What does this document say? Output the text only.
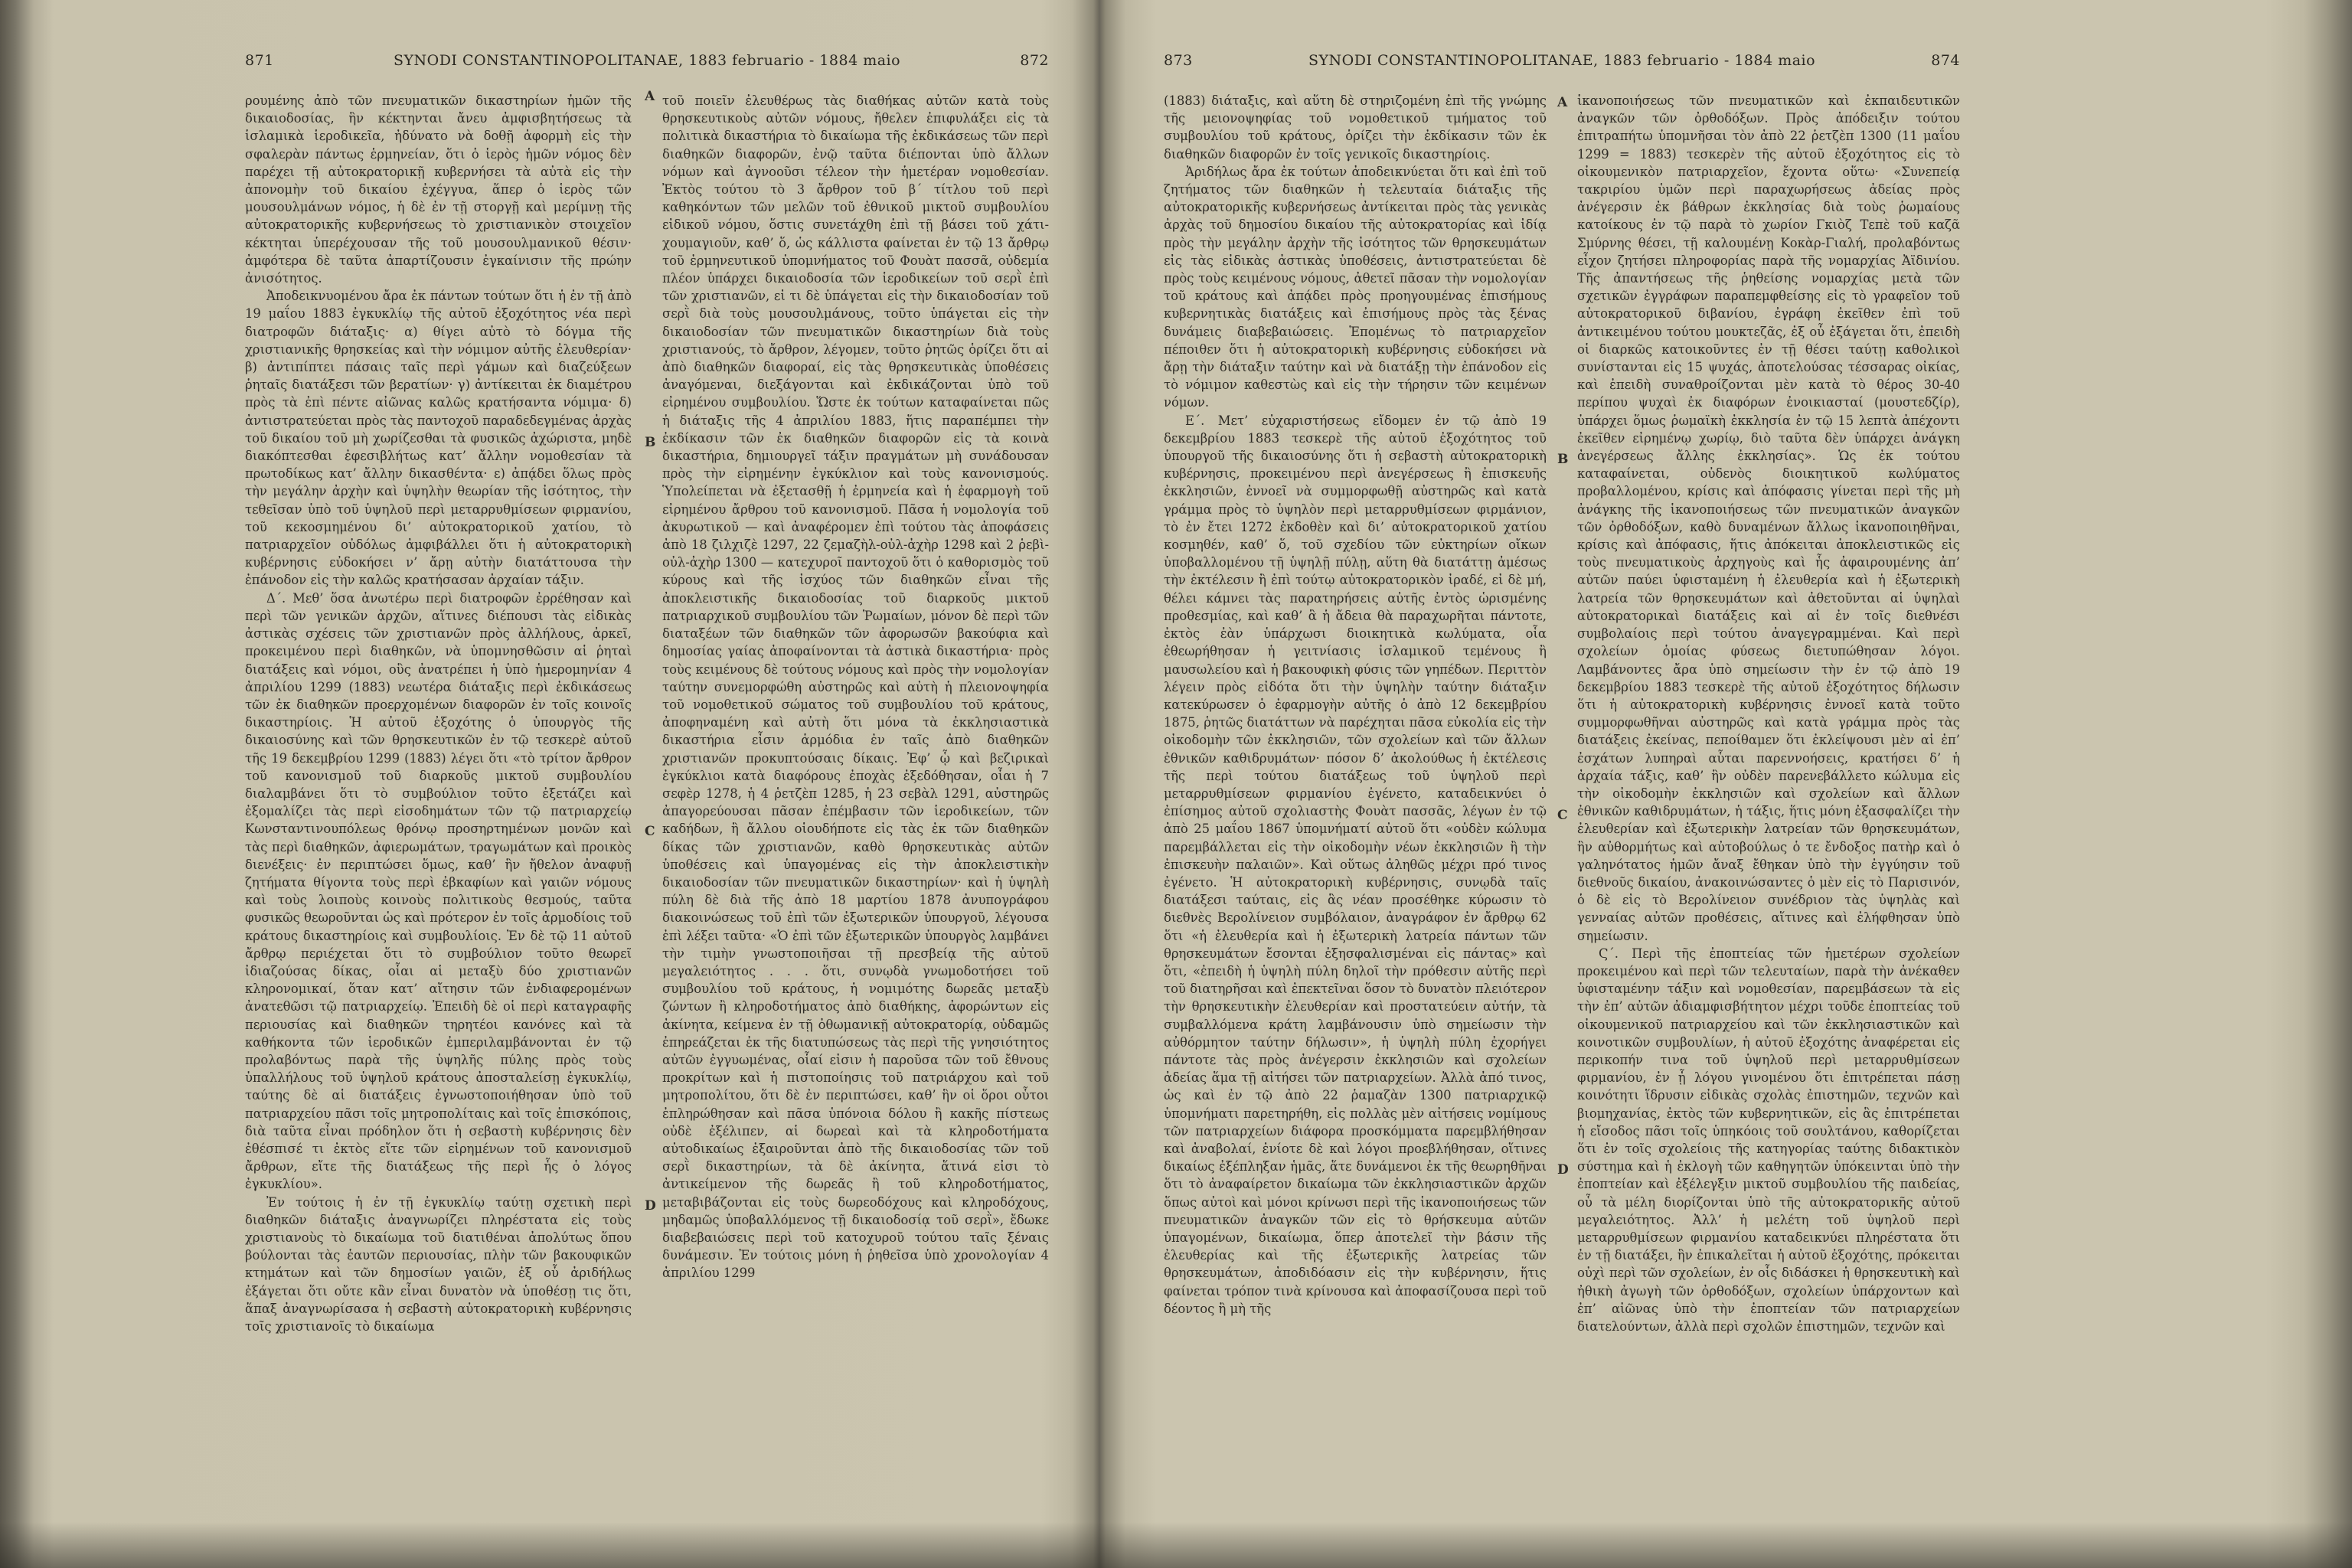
871	SYNODI CONSTANTINOPOLITANAE, 1883 februario - 1884 maio	872

ρουμένης ἀπὸ τῶν πνευματικῶν δικαστηρίων ἡμῶν τῆς δικαιοδοσίας, ἣν κέκτηνται ἄνευ ἀμφισβητήσεως τὰ ἱσλαμικὰ ἱεροδικεῖα, ἠδύνατο νὰ δοθῇ ἀφορμὴ εἰς τὴν σφαλερὰν πάντως ἑρμηνείαν, ὅτι ὁ ἱερὸς ἡμῶν νόμος δὲν παρέχει τῇ αὐτοκρατορικῇ κυβερνήσει τὰ αὐτὰ εἰς τὴν ἀπονομὴν τοῦ δικαίου ἐχέγγυα, ἅπερ ὁ ἱερὸς τῶν μουσουλμάνων νόμος, ἡ δὲ ἐν τῇ στοργῇ καὶ μερίμνῃ τῆς αὐτοκρατορικῆς κυβερνήσεως τὸ χριστιανικὸν στοιχεῖον κέκτηται ὑπερέχουσαν τῆς τοῦ μουσουλμανικοῦ θέσιν· ἀμφότερα δὲ ταῦτα ἀπαρτίζουσιν ἐγκαίνισιν τῆς πρώην ἀνισότητος.

Ἀποδεικνυομένου ἄρα ἐκ πάντων τούτων ὅτι ἡ ἐν τῇ ἀπὸ 19 μαΐου 1883 ἐγκυκλίῳ τῆς αὐτοῦ ἐξοχότητος νέα περὶ διατροφῶν διάταξις· α) θίγει αὐτὸ τὸ δόγμα τῆς χριστιανικῆς θρησκείας καὶ τὴν νόμιμον αὐτῆς ἐλευθερίαν· β) ἀντιπίπτει πάσαις ταῖς περὶ γάμων καὶ διαζεύξεων ῥηταῖς διατάξεσι τῶν βερατίων· γ) ἀντίκειται ἐκ διαμέτρου πρὸς τὰ ἐπὶ πέντε αἰῶνας καλῶς κρατήσαντα νόμιμα· δ) ἀντιστρατεύεται πρὸς τὰς παντοχοῦ παραδεδεγμένας ἀρχὰς τοῦ δικαίου τοῦ μὴ χωρίζεσθαι τὰ φυσικῶς ἀχώριστα, μηδὲ διακόπτεσθαι ἐφεσιβλήτως κατ’ ἄλλην νομοθεσίαν τὰ πρωτοδίκως κατ’ ἄλλην δικασθέντα· ε) ἀπᾴδει ὅλως πρὸς τὴν μεγάλην ἀρχὴν καὶ ὑψηλὴν θεωρίαν τῆς ἰσότητος, τὴν τεθεῖσαν ὑπὸ τοῦ ὑψηλοῦ περὶ μεταρρυθμίσεων φιρμανίου, τοῦ κεκοσμημένου δι’ αὐτοκρατορικοῦ χατίου, τὸ πατριαρχεῖον οὐδόλως ἀμφιβάλλει ὅτι ἡ αὐτοκρατορικὴ κυβέρνησις εὐδοκήσει ν’ ἄρῃ αὐτὴν διατάττουσα τὴν ἐπάνοδον εἰς τὴν καλῶς κρατήσασαν ἀρχαίαν τάξιν.

Δ΄. Μεθ’ ὅσα ἀνωτέρω περὶ διατροφῶν ἐρρέθησαν καὶ περὶ τῶν γενικῶν ἀρχῶν, αἵτινες διέπουσι τὰς εἰδικὰς ἀστικὰς σχέσεις τῶν χριστιανῶν πρὸς ἀλλήλους, ἀρκεῖ, προκειμένου περὶ διαθηκῶν, νὰ ὑπομνησθῶσιν αἱ ῥηταὶ διατάξεις καὶ νόμοι, οὓς ἀνατρέπει ἡ ὑπὸ ἡμερομηνίαν 4 ἀπριλίου 1299 (1883) νεωτέρα διάταξις περὶ ἐκδικάσεως τῶν ἐκ διαθηκῶν προερχομένων διαφορῶν ἐν τοῖς κοινοῖς δικαστηρίοις. Ἡ αὐτοῦ ἐξοχότης ὁ ὑπουργὸς τῆς δικαιοσύνης καὶ τῶν θρησκευτικῶν ἐν τῷ τεσκερὲ αὐτοῦ τῆς 19 δεκεμβρίου 1299 (1883) λέγει ὅτι «τὸ τρίτον ἄρθρον τοῦ κανονισμοῦ τοῦ διαρκοῦς μικτοῦ συμβουλίου διαλαμβάνει ὅτι τὸ συμβούλιον τοῦτο ἐξετάζει καὶ ἐξομαλίζει τὰς περὶ εἰσοδημάτων τῶν τῷ πατριαρχείῳ Κωνσταντινουπόλεως θρόνῳ προσηρτημένων μονῶν καὶ τὰς περὶ διαθηκῶν, ἀφιερωμάτων, τραγωμάτων καὶ προικὸς διενέξεις· ἐν περιπτώσει ὅμως, καθ’ ἣν ἤθελον ἀναφυῇ ζητήματα θίγοντα τοὺς περὶ ἐβκαφίων καὶ γαιῶν νόμους καὶ τοὺς λοιποὺς κοινοὺς πολιτικοὺς θεσμούς, ταῦτα φυσικῶς θεωροῦνται ὡς καὶ πρότερον ἐν τοῖς ἁρμοδίοις τοῦ κράτους δικαστηρίοις καὶ συμβουλίοις. Ἐν δὲ τῷ 11 αὐτοῦ ἄρθρῳ περιέχεται ὅτι τὸ συμβούλιον τοῦτο θεωρεῖ ἰδιαζούσας δίκας, οἷαι αἱ μεταξὺ δύο χριστιανῶν κληρονομικαί, ὅταν κατ’ αἴτησιν τῶν ἐνδιαφερομένων ἀνατεθῶσι τῷ πατριαρχείῳ. Ἐπειδὴ δὲ οἱ περὶ καταγραφῆς περιουσίας καὶ διαθηκῶν τηρητέοι κανόνες καὶ τὰ καθήκοντα τῶν ἱεροδικῶν ἐμπεριλαμβάνονται ἐν τῷ προλαβόντως παρὰ τῆς ὑψηλῆς πύλης πρὸς τοὺς ὑπαλλήλους τοῦ ὑψηλοῦ κράτους ἀποσταλείσῃ ἐγκυκλίῳ, ταύτης δὲ αἱ διατάξεις ἐγνωστοποιήθησαν ὑπὸ τοῦ πατριαρχείου πᾶσι τοῖς μητροπολίταις καὶ τοῖς ἐπισκόποις, διὰ ταῦτα εἶναι πρόδηλον ὅτι ἡ σεβαστὴ κυβέρνησις δὲν ἐθέσπισέ τι ἐκτὸς εἴτε τῶν εἰρημένων τοῦ κανονισμοῦ ἄρθρων, εἴτε τῆς διατάξεως τῆς περὶ ἧς ὁ λόγος ἐγκυκλίου».

Ἐν τούτοις ἡ ἐν τῇ ἐγκυκλίῳ ταύτῃ σχετικὴ περὶ διαθηκῶν διάταξις ἀναγνωρίζει πληρέστατα εἰς τοὺς χριστιανοὺς τὸ δικαίωμα τοῦ διατιθέναι ἀπολύτως ὅπου βούλονται τὰς ἑαυτῶν περιουσίας, πλὴν τῶν βακουφικῶν κτημάτων καὶ τῶν δημοσίων γαιῶν, ἐξ οὗ ἀριδήλως ἐξάγεται ὅτι οὔτε κἂν εἶναι δυνατὸν νὰ ὑποθέσῃ τις ὅτι, ἅπαξ ἀναγνωρίσασα ἡ σεβαστὴ αὐτοκρατορικὴ κυβέρνησις τοῖς χριστιανοῖς τὸ δικαίωμα

τοῦ ποιεῖν ἐλευθέρως τὰς διαθήκας αὐτῶν κατὰ τοὺς θρησκευτικοὺς αὐτῶν νόμους, ἤθελεν ἐπιφυλάξει εἰς τὰ πολιτικὰ δικαστήρια τὸ δικαίωμα τῆς ἐκδικάσεως τῶν περὶ διαθηκῶν διαφορῶν, ἐνῷ ταῦτα διέπονται ὑπὸ ἄλλων νόμων καὶ ἀγνοοῦσι τέλεον τὴν ἡμετέραν νομοθεσίαν. Ἐκτὸς τούτου τὸ 3 ἄρθρον τοῦ β΄ τίτλου τοῦ περὶ καθηκόντων τῶν μελῶν τοῦ ἐθνικοῦ μικτοῦ συμβουλίου εἰδικοῦ νόμου, ὅστις συνετάχθη ἐπὶ τῇ βάσει τοῦ χάτι-χουμαγιοῦν, καθ’ ὅ, ὡς κάλλιστα φαίνεται ἐν τῷ 13 ἄρθρῳ τοῦ ἐρμηνευτικοῦ ὑπομνήματος τοῦ Φουὰτ πασσᾶ, οὐδεμία πλέον ὑπάρχει δικαιοδοσία τῶν ἱεροδικείων τοῦ σερῒ ἐπὶ τῶν χριστιανῶν, εἰ τι δὲ ὑπάγεται εἰς τὴν δικαιοδοσίαν τοῦ σερῒ διὰ τοὺς μουσουλμάνους, τοῦτο ὑπάγεται εἰς τὴν δικαιοδοσίαν τῶν πνευματικῶν δικαστηρίων διὰ τοὺς χριστιανούς, τὸ ἄρθρον, λέγομεν, τοῦτο ῥητῶς ὁρίζει ὅτι αἱ ἀπὸ διαθηκῶν διαφοραί, εἰς τὰς θρησκευτικὰς ὑποθέσεις ἀναγόμεναι, διεξάγονται καὶ ἐκδικάζονται ὑπὸ τοῦ εἰρημένου συμβουλίου. Ὥστε ἐκ τούτων καταφαίνεται πῶς ἡ διάταξις τῆς 4 ἀπριλίου 1883, ἥτις παραπέμπει τὴν ἐκδίκασιν τῶν ἐκ διαθηκῶν διαφορῶν εἰς τὰ κοινὰ δικαστήρια, δημιουργεῖ τάξιν πραγμάτων μὴ συνάδουσαν πρὸς τὴν εἰρημένην ἐγκύκλιον καὶ τοὺς κανονισμούς. Ὑπολείπεται νὰ ἐξετασθῇ ἡ ἐρμηνεία καὶ ἡ ἐφαρμογὴ τοῦ εἰρημένου ἄρθρου τοῦ κανονισμοῦ. Πᾶσα ἡ νομολογία τοῦ ἀκυρωτικοῦ — καὶ ἀναφέρομεν ἐπὶ τούτου τὰς ἀποφάσεις ἀπὸ 18 ζιλχιζὲ 1297, 22 ζεμαζὴλ-οὐλ-ἀχὴρ 1298 καὶ 2 ῥεβὶ-οὐλ-ἀχὴρ 1300 — κατεχυροῖ παντοχοῦ ὅτι ὁ καθορισμὸς τοῦ κύρους καὶ τῆς ἰσχύος τῶν διαθηκῶν εἶναι τῆς ἀποκλειστικῆς δικαιοδοσίας τοῦ διαρκοῦς μικτοῦ πατριαρχικοῦ συμβουλίου τῶν Ῥωμαίων, μόνον δὲ περὶ τῶν διαταξέων τῶν διαθηκῶν τῶν ἀφορωσῶν βακούφια καὶ δημοσίας γαίας ἀποφαίνονται τὰ ἀστικὰ δικαστήρια· πρὸς τοὺς κειμένους δὲ τούτους νόμους καὶ πρὸς τὴν νομολογίαν ταύτην συνεμορφώθη αὐστηρῶς καὶ αὐτὴ ἡ πλειονοψηφία τοῦ νομοθετικοῦ σώματος τοῦ συμβουλίου τοῦ κράτους, ἀποφηναμένη καὶ αὐτὴ ὅτι μόνα τὰ ἐκκλησιαστικὰ δικαστήρια εἶσιν ἁρμόδια ἐν ταῖς ἀπὸ διαθηκῶν χριστιανῶν προκυπτούσαις δίκαις. Ἐφ’ ᾧ καὶ βεζιρικαὶ ἐγκύκλιοι κατὰ διαφόρους ἐποχὰς ἐξεδόθησαν, οἷαι ἡ 7 σεφὲρ 1278, ἡ 4 ῥετζὲπ 1285, ἡ 23 σεβὰλ 1291, αὐστηρῶς ἀπαγορεύουσαι πᾶσαν ἐπέμβασιν τῶν ἱεροδικείων, τῶν καδήδων, ἢ ἄλλου οἱουδήποτε εἰς τὰς ἐκ τῶν διαθηκῶν δίκας τῶν χριστιανῶν, καθὸ θρησκευτικὰς αὐτῶν ὑποθέσεις καὶ ὑπαγομένας εἰς τὴν ἀποκλειστικὴν δικαιοδοσίαν τῶν πνευματικῶν δικαστηρίων· καὶ ἡ ὑψηλὴ πύλη δὲ διὰ τῆς ἀπὸ 18 μαρτίου 1878 ἀνυπογράφου διακοινώσεως τοῦ ἐπὶ τῶν ἐξωτερικῶν ὑπουργοῦ, λέγουσα ἐπὶ λέξει ταῦτα· «Ὁ ἐπὶ τῶν ἐξωτερικῶν ὑπουργὸς λαμβάνει τὴν τιμὴν γνωστοποιῆσαι τῇ πρεσβείᾳ τῆς αὐτοῦ μεγαλειότητος . . . ὅτι, συνῳδὰ γνωμοδοτήσει τοῦ συμβουλίου τοῦ κράτους, ἡ νομιμότης δωρεᾶς μεταξὺ ζώντων ἢ κληροδοτήματος ἀπὸ διαθήκης, ἀφορώντων εἰς ἀκίνητα, κείμενα ἐν τῇ ὀθωμανικῇ αὐτοκρατορίᾳ, οὐδαμῶς ἐπηρεάζεται ἐκ τῆς διατυπώσεως τὰς περὶ τῆς γνησιότητος αὐτῶν ἐγγυωμένας, οἷαί εἰσιν ἡ παροῦσα τῶν τοῦ ἔθνους προκρίτων καὶ ἡ πιστοποίησις τοῦ πατριάρχου καὶ τοῦ μητροπολίτου, ὅτι δὲ ἐν περιπτώσει, καθ’ ἣν οἱ ὅροι οὗτοι ἐπληρώθησαν καὶ πᾶσα ὑπόνοια δόλου ἢ κακῆς πίστεως οὐδὲ ἐξέλιπεν, αἱ δωρεαὶ καὶ τὰ κληροδοτήματα αὐτοδικαίως ἐξαιροῦνται ἀπὸ τῆς δικαιοδοσίας τῶν τοῦ σερῒ δικαστηρίων, τὰ δὲ ἀκίνητα, ἅτινά εἰσι τὸ ἀντικείμενον τῆς δωρεᾶς ἢ τοῦ κληροδοτήματος, μεταβιβάζονται εἰς τοὺς δωρεοδόχους καὶ κληροδόχους, μηδαμῶς ὑποβαλλόμενος τῇ δικαιοδοσίᾳ τοῦ σερῒ», ἔδωκε διαβεβαιώσεις περὶ τοῦ κατοχυροῦ τούτου ταῖς ξέναις δυνάμεσιν. Ἐν τούτοις μόνη ἡ ῥηθεῖσα ὑπὸ χρονολογίαν 4 ἀπριλίου 1299

A
B
C
D
873	SYNODI CONSTANTINOPOLITANAE, 1883 februario - 1884 maio	874

(1883) διάταξις, καὶ αὕτη δὲ στηριζομένη ἐπὶ τῆς γνώμης τῆς μειονοψηφίας τοῦ νομοθετικοῦ τμήματος τοῦ συμβουλίου τοῦ κράτους, ὁρίζει τὴν ἐκδίκασιν τῶν ἐκ διαθηκῶν διαφορῶν ἐν τοῖς γενικοῖς δικαστηρίοις.

Ἀριδήλως ἄρα ἐκ τούτων ἀποδεικνύεται ὅτι καὶ ἐπὶ τοῦ ζητήματος τῶν διαθηκῶν ἡ τελευταία διάταξις τῆς αὐτοκρατορικῆς κυβερνήσεως ἀντίκειται πρὸς τὰς γενικὰς ἀρχὰς τοῦ δημοσίου δικαίου τῆς αὐτοκρατορίας καὶ ἰδίᾳ πρὸς τὴν μεγάλην ἀρχὴν τῆς ἰσότητος τῶν θρησκευμάτων εἰς τὰς εἰδικὰς ἀστικὰς ὑποθέσεις, ἀντιστρατεύεται δὲ πρὸς τοὺς κειμένους νόμους, ἀθετεῖ πᾶσαν τὴν νομολογίαν τοῦ κράτους καὶ ἀπᾴδει πρὸς προηγουμένας ἐπισήμους κυβερνητικὰς διατάξεις καὶ ἐπισήμους πρὸς τὰς ξένας δυνάμεις διαβεβαιώσεις. Ἑπομένως τὸ πατριαρχεῖον πέποιθεν ὅτι ἡ αὐτοκρατορικὴ κυβέρνησις εὐδοκήσει νὰ ἄρῃ τὴν διάταξιν ταύτην καὶ νὰ διατάξῃ τὴν ἐπάνοδον εἰς τὸ νόμιμον καθεστὼς καὶ εἰς τὴν τήρησιν τῶν κειμένων νόμων.

Ε΄. Μετ’ εὐχαριστήσεως εἴδομεν ἐν τῷ ἀπὸ 19 δεκεμβρίου 1883 τεσκερὲ τῆς αὐτοῦ ἐξοχότητος τοῦ ὑπουργοῦ τῆς δικαιοσύνης ὅτι ἡ σεβαστὴ αὐτοκρατορικὴ κυβέρνησις, προκειμένου περὶ ἀνεγέρσεως ἢ ἐπισκευῆς ἐκκλησιῶν, ἐννοεῖ νὰ συμμορφωθῇ αὐστηρῶς καὶ κατὰ γράμμα πρὸς τὸ ὑψηλὸν περὶ μεταρρυθμίσεων φιρμάνιον, τὸ ἐν ἔτει 1272 ἐκδοθὲν καὶ δι’ αὐτοκρατορικοῦ χατίου κοσμηθέν, καθ’ ὅ, τοῦ σχεδίου τῶν εὐκτηρίων οἴκων ὑποβαλλομένου τῇ ὑψηλῇ πύλῃ, αὕτη θὰ διατάττῃ ἀμέσως τὴν ἐκτέλεσιν ἢ ἐπὶ τούτῳ αὐτοκρατορικὸν ἰραδέ, εἰ δὲ μή, θέλει κάμνει τὰς παρατηρήσεις αὐτῆς ἐντὸς ὡρισμένης προθεσμίας, καὶ καθ’ ἃ ἡ ἄδεια θὰ παραχωρῆται πάντοτε, ἐκτὸς ἐὰν ὑπάρχωσι διοικητικὰ κωλύματα, οἷα ἐθεωρήθησαν ἡ γειτνίασις ἰσλαμικοῦ τεμένους ἢ μαυσωλείου καὶ ἡ βακουφικὴ φύσις τῶν γηπέδων. Περιττὸν λέγειν πρὸς εἰδότα ὅτι τὴν ὑψηλὴν ταύτην διάταξιν κατεκύρωσεν ὁ ἐφαρμογὴν αὐτῆς ὁ ἀπὸ 12 δεκεμβρίου 1875, ῥητῶς διατάττων νὰ παρέχηται πᾶσα εὐκολία εἰς τὴν οἰκοδομὴν τῶν ἐκκλησιῶν, τῶν σχολείων καὶ τῶν ἄλλων ἐθνικῶν καθιδρυμάτων· πόσον δ’ ἀκολούθως ἡ ἐκτέλεσις τῆς περὶ τούτου διατάξεως τοῦ ὑψηλοῦ περὶ μεταρρυθμίσεων φιρμανίου ἐγένετο, καταδεικνύει ὁ ἐπίσημος αὐτοῦ σχολιαστὴς Φουὰτ πασσᾶς, λέγων ἐν τῷ ἀπὸ 25 μαΐου 1867 ὑπομνήματί αὐτοῦ ὅτι «οὐδὲν κώλυμα παρεμβάλλεται εἰς τὴν οἰκοδομὴν νέων ἐκκλησιῶν ἢ τὴν ἐπισκευὴν παλαιῶν». Καὶ οὕτως ἀληθῶς μέχρι πρό τινος ἐγένετο. Ἡ αὐτοκρατορικὴ κυβέρνησις, συνῳδὰ ταῖς διατάξεσι ταύταις, εἰς ἃς νέαν προσέθηκε κύρωσιν τὸ διεθνὲς Βερολίνειον συμβόλαιον, ἀναγράφον ἐν ἄρθρῳ 62 ὅτι «ἡ ἐλευθερία καὶ ἡ ἐξωτερικὴ λατρεία πάντων τῶν θρησκευμάτων ἔσονται ἐξησφαλισμέναι εἰς πάντας» καὶ ὅτι, «ἐπειδὴ ἡ ὑψηλὴ πύλη δηλοῖ τὴν πρόθεσιν αὐτῆς περὶ τοῦ διατηρῆσαι καὶ ἐπεκτεῖναι ὅσον τὸ δυνατὸν πλειότερον τὴν θρησκευτικὴν ἐλευθερίαν καὶ προστατεύειν αὐτήν, τὰ συμβαλλόμενα κράτη λαμβάνουσιν ὑπὸ σημείωσιν τὴν αὐθόρμητον ταύτην δήλωσιν», ἡ ὑψηλὴ πύλη ἐχορήγει πάντοτε τὰς πρὸς ἀνέγερσιν ἐκκλησιῶν καὶ σχολείων ἀδείας ἅμα τῇ αἰτήσει τῶν πατριαρχείων. Ἀλλὰ ἀπό τινος, ὡς καὶ ἐν τῷ ἀπὸ 22 ῥαμαζὰν 1300 πατριαρχικῷ ὑπομνήματι παρετηρήθη, εἰς πολλὰς μὲν αἰτήσεις νομίμους τῶν πατριαρχείων διάφορα προσκόμματα παρεμβλήθησαν καὶ ἀναβολαί, ἐνίοτε δὲ καὶ λόγοι προεβλήθησαν, οἵτινες δικαίως ἐξέπληξαν ἡμᾶς, ἅτε δυνάμενοι ἐκ τῆς θεωρηθῆναι ὅτι τὸ ἀναφαίρετον δικαίωμα τῶν ἐκκλησιαστικῶν ἀρχῶν ὅπως αὐτοὶ καὶ μόνοι κρίνωσι περὶ τῆς ἱκανοποιήσεως τῶν πνευματικῶν ἀναγκῶν τῶν εἰς τὸ θρήσκευμα αὐτῶν ὑπαγομένων, δικαίωμα, ὅπερ ἀποτελεῖ τὴν βάσιν τῆς ἐλευθερίας καὶ τῆς ἐξωτερικῆς λατρείας τῶν θρησκευμάτων, ἀποδιδόασιν εἰς τὴν κυβέρνησιν, ἥτις φαίνεται τρόπον τινὰ κρίνουσα καὶ ἀποφασίζουσα περὶ τοῦ δέοντος ἢ μὴ τῆς

ἱκανοποιήσεως τῶν πνευματικῶν καὶ ἐκπαιδευτικῶν ἀναγκῶν τῶν ὀρθοδόξων. Πρὸς ἀπόδειξιν τούτου ἐπιτραπήτω ὑπομνῆσαι τὸν ἀπὸ 22 ῥετζὲπ 1300 (11 μαΐου 1299 = 1883) τεσκερὲν τῆς αὐτοῦ ἐξοχότητος εἰς τὸ οἰκουμενικὸν πατριαρχεῖον, ἔχοντα οὕτω· «Συνεπείᾳ τακριρίου ὑμῶν περὶ παραχωρήσεως ἀδείας πρὸς ἀνέγερσιν ἐκ βάθρων ἐκκλησίας διὰ τοὺς ῥωμαίους κατοίκους ἐν τῷ παρὰ τὸ χωρίον Γκιὸζ Τεπὲ τοῦ καζᾶ Σμύρνης θέσει, τῇ καλουμένῃ Κοκὰρ-Γιαλή, προλαβόντως εἶχον ζητήσει πληροφορίας παρὰ τῆς νομαρχίας Ἀϊδινίου. Τῆς ἀπαντήσεως τῆς ῥηθείσης νομαρχίας μετὰ τῶν σχετικῶν ἐγγράφων παραπεμφθείσης εἰς τὸ γραφεῖον τοῦ αὐτοκρατορικοῦ διβανίου, ἐγράφη ἐκεῖθεν ἐπὶ τοῦ ἀντικειμένου τούτου μουκτεζᾶς, ἐξ οὗ ἐξάγεται ὅτι, ἐπειδὴ οἱ διαρκῶς κατοικοῦντες ἐν τῇ θέσει ταύτῃ καθολικοὶ συνίστανται εἰς 15 ψυχάς, ἀποτελούσας τέσσαρας οἰκίας, καὶ ἐπειδὴ συναθροίζονται μὲν κατὰ τὸ θέρος 30-40 περίπου ψυχαὶ ἐκ διαφόρων ἐνοικιασταί (μουστεδζίρ), ὑπάρχει ὅμως ῥωμαϊκὴ ἐκκλησία ἐν τῷ 15 λεπτὰ ἀπέχοντι ἐκεῖθεν εἰρημένῳ χωρίῳ, διὸ ταῦτα δὲν ὑπάρχει ἀνάγκη ἀνεγέρσεως ἄλλης ἐκκλησίας». Ὡς ἐκ τούτου καταφαίνεται, οὐδενὸς διοικητικοῦ κωλύματος προβαλλομένου, κρίσις καὶ ἀπόφασις γίνεται περὶ τῆς μὴ ἀνάγκης τῆς ἱκανοποιήσεως τῶν πνευματικῶν ἀναγκῶν τῶν ὀρθοδόξων, καθὸ δυναμένων ἄλλως ἱκανοποιηθῆναι, κρίσις καὶ ἀπόφασις, ἥτις ἀπόκειται ἀποκλειστικῶς εἰς τοὺς πνευματικοὺς ἀρχηγοὺς καὶ ἧς ἀφαιρουμένης ἀπ’ αὐτῶν παύει ὑφισταμένη ἡ ἐλευθερία καὶ ἡ ἐξωτερικὴ λατρεία τῶν θρησκευμάτων καὶ ἀθετοῦνται αἱ ὑψηλαὶ αὐτοκρατορικαὶ διατάξεις καὶ αἱ ἐν τοῖς διεθνέσι συμβολαίοις περὶ τούτου ἀναγεγραμμέναι. Καὶ περὶ σχολείων ὁμοίας φύσεως διετυπώθησαν λόγοι. Λαμβάνοντες ἄρα ὑπὸ σημείωσιν τὴν ἐν τῷ ἀπὸ 19 δεκεμβρίου 1883 τεσκερὲ τῆς αὐτοῦ ἐξοχότητος δήλωσιν ὅτι ἡ αὐτοκρατορικὴ κυβέρνησις ἐννοεῖ κατὰ τοῦτο συμμορφωθῆναι αὐστηρῶς καὶ κατὰ γράμμα πρὸς τὰς διατάξεις ἐκείνας, πεποίθαμεν ὅτι ἐκλείψουσι μὲν αἱ ἐπ’ ἐσχάτων λυπηραὶ αὗται παρεννοήσεις, κρατήσει δ’ ἡ ἀρχαία τάξις, καθ’ ἣν οὐδὲν παρενεβάλλετο κώλυμα εἰς τὴν οἰκοδομὴν ἐκκλησιῶν καὶ σχολείων καὶ ἄλλων ἐθνικῶν καθιδρυμάτων, ἡ τάξις, ἥτις μόνη ἐξασφαλίζει τὴν ἐλευθερίαν καὶ ἐξωτερικὴν λατρείαν τῶν θρησκευμάτων, ἣν αὐθορμήτως καὶ αὐτοβούλως ὁ τε ἔνδοξος πατὴρ καὶ ὁ γαληνότατος ἡμῶν ἄναξ ἔθηκαν ὑπὸ τὴν ἐγγύησιν τοῦ διεθνοῦς δικαίου, ἀνακοινώσαντες ὁ μὲν εἰς τὸ Παρισινόν, ὁ δὲ εἰς τὸ Βερολίνειον συνέδριον τὰς ὑψηλὰς καὶ γενναίας αὐτῶν προθέσεις, αἵτινες καὶ ἐλήφθησαν ὑπὸ σημείωσιν.

Ϛ΄. Περὶ τῆς ἐποπτείας τῶν ἡμετέρων σχολείων προκειμένου καὶ περὶ τῶν τελευταίων, παρὰ τὴν ἀνέκαθεν ὑφισταμένην τάξιν καὶ νομοθεσίαν, παρεμβάσεων τὰ εἰς τὴν ἐπ’ αὐτῶν ἀδιαμφισβήτητον μέχρι τοῦδε ἐποπτείας τοῦ οἰκουμενικοῦ πατριαρχείου καὶ τῶν ἐκκλησιαστικῶν καὶ κοινοτικῶν συμβουλίων, ἡ αὐτοῦ ἐξοχότης ἀναφέρεται εἰς περικοπήν τινα τοῦ ὑψηλοῦ περὶ μεταρρυθμίσεων φιρμανίου, ἐν ᾗ λόγου γινομένου ὅτι ἐπιτρέπεται πάσῃ κοινότητι ἵδρυσιν εἰδικὰς σχολὰς ἐπιστημῶν, τεχνῶν καὶ βιομηχανίας, ἐκτὸς τῶν κυβερνητικῶν, εἰς ἃς ἐπιτρέπεται ἡ εἴσοδος πᾶσι τοῖς ὑπηκόοις τοῦ σουλτάνου, καθορίζεται ὅτι ἐν τοῖς σχολείοις τῆς κατηγορίας ταύτης διδακτικὸν σύστημα καὶ ἡ ἐκλογὴ τῶν καθηγητῶν ὑπόκεινται ὑπὸ τὴν ἐποπτείαν καὶ ἐξέλεγξιν μικτοῦ συμβουλίου τῆς παιδείας, οὗ τὰ μέλη διορίζονται ὑπὸ τῆς αὐτοκρατορικῆς αὐτοῦ μεγαλειότητος. Ἀλλ’ ἡ μελέτη τοῦ ὑψηλοῦ περὶ μεταρρυθμίσεων φιρμανίου καταδεικνύει πληρέστατα ὅτι ἐν τῇ διατάξει, ἣν ἐπικαλεῖται ἡ αὐτοῦ ἐξοχότης, πρόκειται οὐχὶ περὶ τῶν σχολείων, ἐν οἷς διδάσκει ἡ θρησκευτικὴ καὶ ἠθικὴ ἀγωγὴ τῶν ὀρθοδόξων, σχολείων ὑπάρχοντων καὶ ἐπ’ αἰῶνας ὑπὸ τὴν ἐποπτείαν τῶν πατριαρχείων διατελούντων, ἀλλὰ περὶ σχολῶν ἐπιστημῶν, τεχνῶν καὶ

A
B
C
D
